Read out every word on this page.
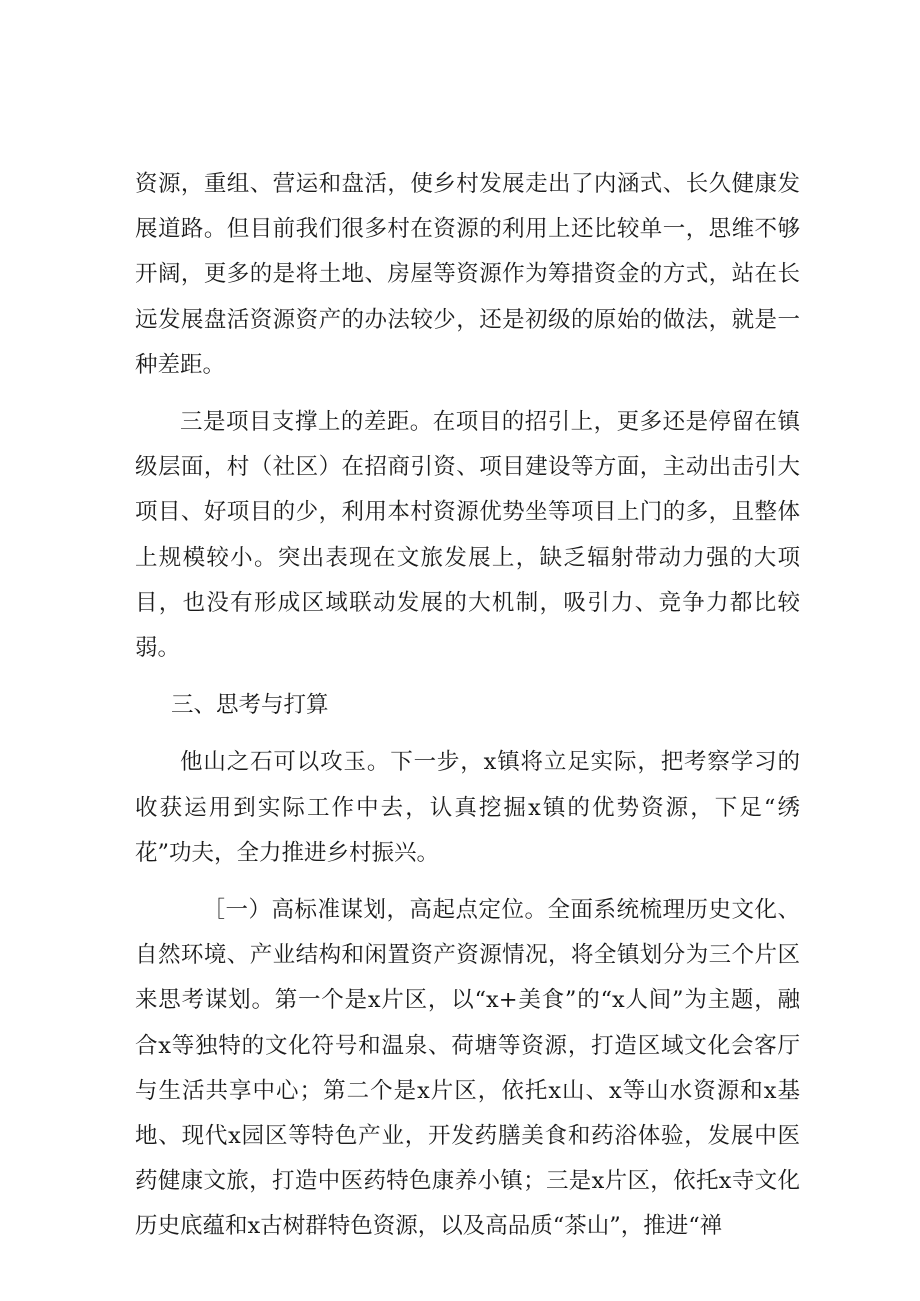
资源，重组、营运和盘活，使乡村发展走出了内涵式、长久健康发展道路。但目前我们很多村在资源的利用上还比较单一，思维不够开阔，更多的是将土地、房屋等资源作为筹措资金的方式，站在长远发展盘活资源资产的办法较少，还是初级的原始的做法，就是一种差距。

三是项目支撑上的差距。在项目的招引上，更多还是停留在镇级层面，村（社区）在招商引资、项目建设等方面，主动出击引大项目、好项目的少，利用本村资源优势坐等项目上门的多，且整体上规模较小。突出表现在文旅发展上，缺乏辐射带动力强的大项目，也没有形成区域联动发展的大机制，吸引力、竞争力都比较弱。

三、思考与打算

他山之石可以攻玉。下一步，x镇将立足实际，把考察学习的收获运用到实际工作中去，认真挖掘x镇的优势资源，下足“绣花”功夫，全力推进乡村振兴。

［一）高标准谋划，高起点定位。全面系统梳理历史文化、自然环境、产业结构和闲置资产资源情况，将全镇划分为三个片区来思考谋划。第一个是x片区，以“x+美食”的“x人间”为主题，融合x等独特的文化符号和温泉、荷塘等资源，打造区域文化会客厅与生活共享中心；第二个是x片区，依托x山、x等山水资源和x基地、现代x园区等特色产业，开发药膳美食和药浴体验，发展中医药健康文旅，打造中医药特色康养小镇；三是x片区，依托x寺文化历史底蕴和x古树群特色资源，以及高品质“茶山”，推进“禅
